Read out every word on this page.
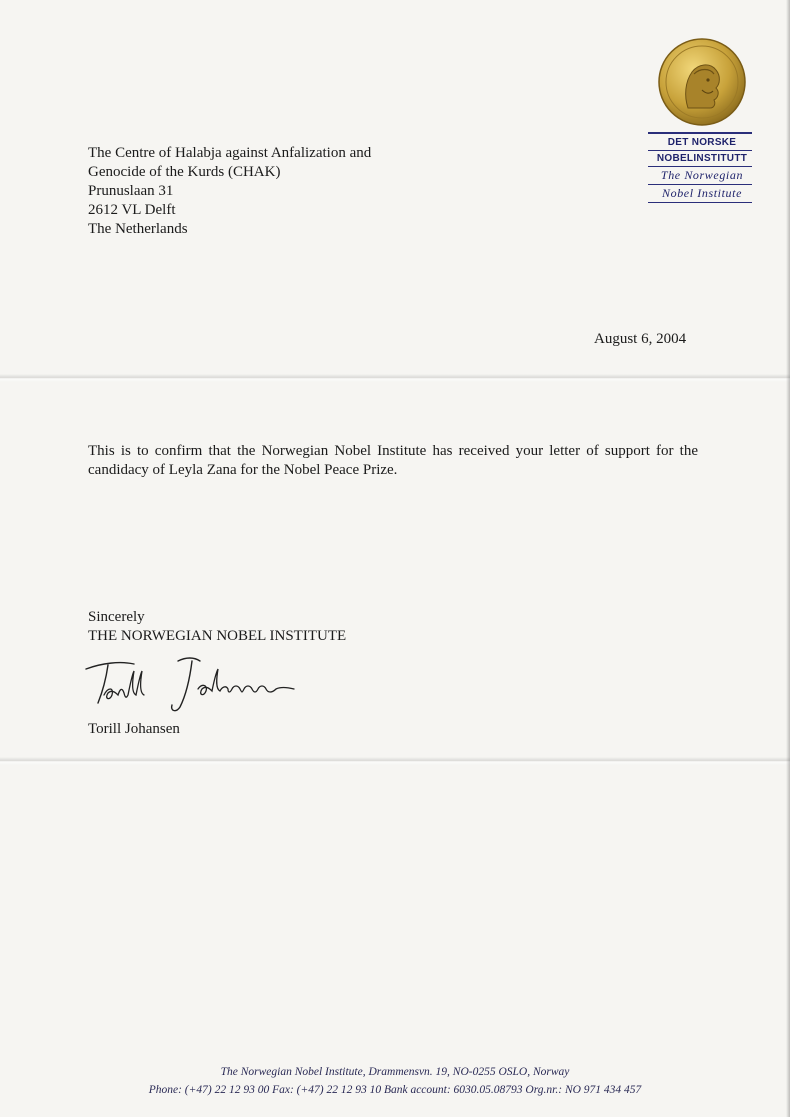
DET NORSKE
NOBELINSTITUTT
The Norwegian
Nobel Institute
The Centre of Halabja against Anfalization and
Genocide of the Kurds (CHAK)
Prunuslaan 31
2612 VL Delft
The Netherlands
August 6, 2004
This is to confirm that the Norwegian Nobel Institute has received your letter of support for the candidacy of Leyla Zana for the Nobel Peace Prize.
Sincerely
THE NORWEGIAN NOBEL INSTITUTE
Torill Johansen
Torill Johansen
The Norwegian Nobel Institute, Drammensvn. 19, NO-0255 OSLO, Norway
Phone: (+47) 22 12 93 00 Fax: (+47) 22 12 93 10 Bank account: 6030.05.08793 Org.nr.: NO 971 434 457
